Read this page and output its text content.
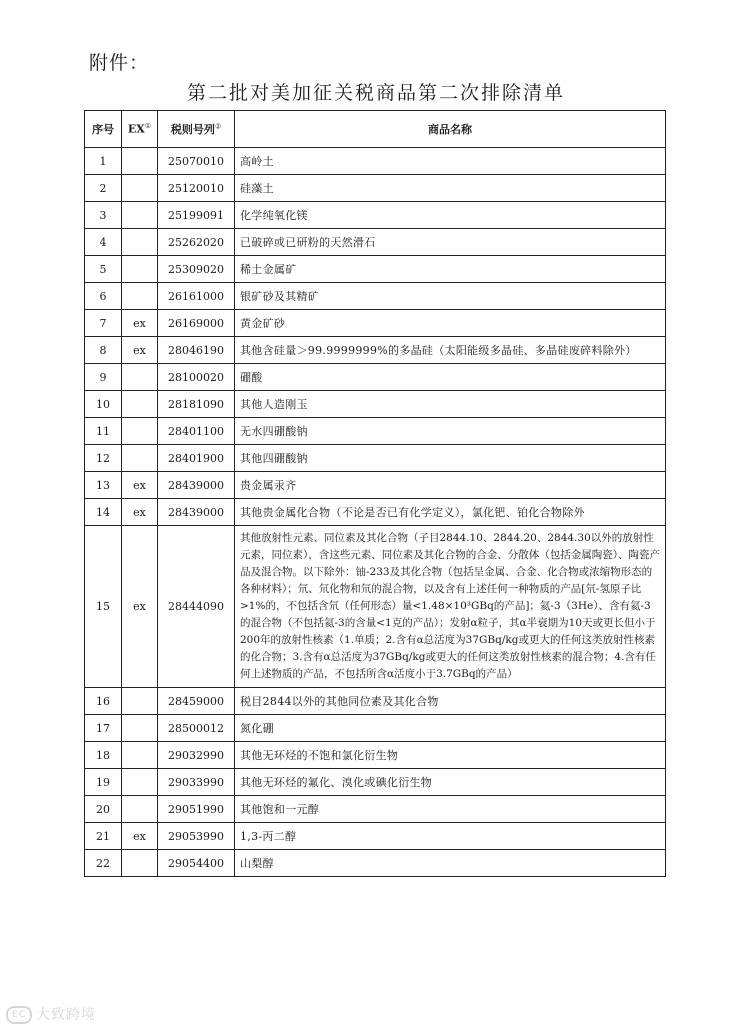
附件：
第二批对美加征关税商品第二次排除清单
序号	EX①	税则号列②	商品名称
1		25070010	高岭土
2		25120010	硅藻土
3		25199091	化学纯氧化镁
4		25262020	已破碎或已研粉的天然滑石
5		25309020	稀土金属矿
6		26161000	银矿砂及其精矿
7	ex	26169000	黄金矿砂
8	ex	28046190	其他含硅量＞99.9999999%的多晶硅（太阳能级多晶硅、多晶硅废碎料除外）
9		28100020	硼酸
10		28181090	其他人造刚玉
11		28401100	无水四硼酸钠
12		28401900	其他四硼酸钠
13	ex	28439000	贵金属汞齐
14	ex	28439000	其他贵金属化合物（不论是否已有化学定义），氯化钯、铂化合物除外
15	ex	28444090	其他放射性元素、同位素及其化合物（子目2844.10、2844.20、2844.30以外的放射性元素，同位素），含这些元素、同位素及其化合物的合金、分散体（包括金属陶瓷）、陶瓷产品及混合物。以下除外：铀-233及其化合物（包括呈金属、合金、化合物或浓缩物形态的各种材料）；氘、氘化物和氘的混合物，以及含有上述任何一种物质的产品[氘-氢原子比>1%的，不包括含氘（任何形态）量<1.48×10³GBq的产品]；氦-3（3He）、含有氦-3的混合物（不包括氦-3的含量<1克的产品）；发射α粒子，其α半衰期为10天或更长但小于200年的放射性核素（1.单质；2.含有α总活度为37GBq/kg或更大的任何这类放射性核素的化合物；3.含有α总活度为37GBq/kg或更大的任何这类放射性核素的混合物；4.含有任何上述物质的产品，不包括所含α活度小于3.7GBq的产品）
16		28459000	税目2844以外的其他同位素及其化合物
17		28500012	氮化硼
18		29032990	其他无环烃的不饱和氯化衍生物
19		29033990	其他无环烃的氟化、溴化或碘化衍生物
20		29051990	其他饱和一元醇
21	ex	29053990	1,3-丙二醇
22		29054400	山梨醇
EC 大致跨境
